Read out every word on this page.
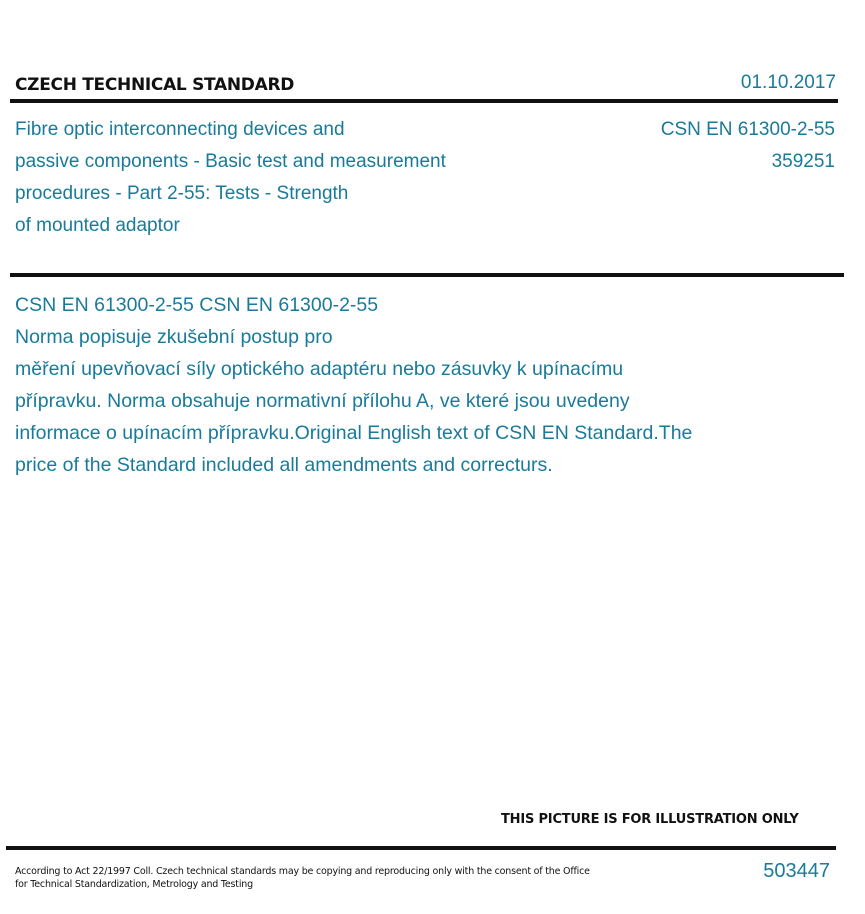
CZECH TECHNICAL STANDARD	01.10.2017
Fibre optic interconnecting devices and
passive components - Basic test and measurement
procedures - Part 2-55: Tests - Strength
of mounted adaptor
CSN EN 61300-2-55
359251
CSN EN 61300-2-55 CSN EN 61300-2-55
Norma popisuje zkušební postup pro
měření upevňovací síly optického adaptéru nebo zásuvky k upínacímu
přípravku. Norma obsahuje normativní přílohu A, ve které jsou uvedeny
informace o upínacím přípravku.Original English text of CSN EN Standard.The
price of the Standard included all amendments and correcturs.
THIS PICTURE IS FOR ILLUSTRATION ONLY
According to Act 22/1997 Coll. Czech technical standards may be copying and reproducing only with the consent of the Office
for Technical Standardization, Metrology and Testing
503447
